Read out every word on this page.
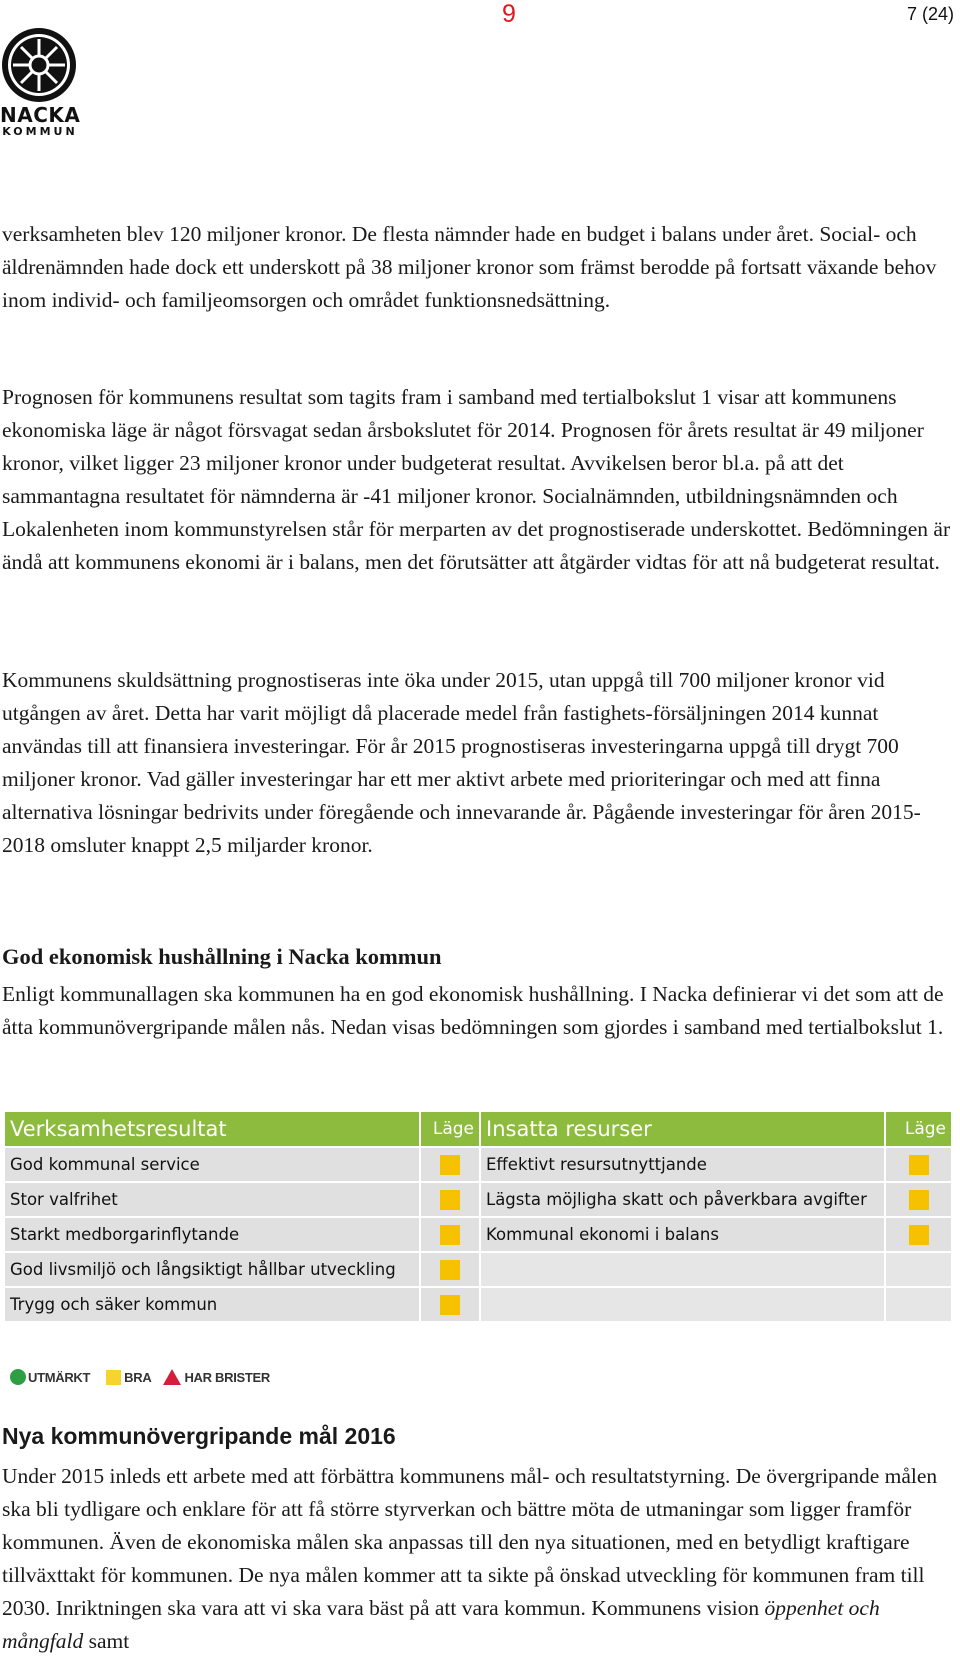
9	7 (24)
NACKA
KOMMUN

verksamheten blev 120 miljoner kronor. De flesta nämnder hade en budget i balans under året. Social- och äldrenämnden hade dock ett underskott på 38 miljoner kronor som främst berodde på fortsatt växande behov inom individ- och familjeomsorgen och området funktionsnedsättning.

Prognosen för kommunens resultat som tagits fram i samband med tertialbokslut 1 visar att kommunens ekonomiska läge är något försvagat sedan årsbokslutet för 2014. Prognosen för årets resultat är 49 miljoner kronor, vilket ligger 23 miljoner kronor under budgeterat resultat. Avvikelsen beror bl.a. på att det sammantagna resultatet för nämnderna är -41 miljoner kronor. Socialnämnden, utbildningsnämnden och Lokalenheten inom kommunstyrelsen står för merparten av det prognostiserade underskottet. Bedömningen är ändå att kommunens ekonomi är i balans, men det förutsätter att åtgärder vidtas för att nå budgeterat resultat.

Kommunens skuldsättning prognostiseras inte öka under 2015, utan uppgå till 700 miljoner kronor vid utgången av året. Detta har varit möjligt då placerade medel från fastighets-försäljningen 2014 kunnat användas till att finansiera investeringar. För år 2015 prognostiseras investeringarna uppgå till drygt 700 miljoner kronor. Vad gäller investeringar har ett mer aktivt arbete med prioriteringar och med att finna alternativa lösningar bedrivits under föregående och innevarande år. Pågående investeringar för åren 2015-2018 omsluter knappt 2,5 miljarder kronor.

God ekonomisk hushållning i Nacka kommun

Enligt kommunallagen ska kommunen ha en god ekonomisk hushållning. I Nacka definierar vi det som att de åtta kommunövergripande målen nås. Nedan visas bedömningen som gjordes i samband med tertialbokslut 1.

Verksamhetsresultat	Läge	Insatta resurser	Läge
God kommunal service		Effektivt resursutnyttjande	
Stor valfrihet		Lägsta möjligha skatt och påverkbara avgifter	
Starkt medborgarinflytande		Kommunal ekonomi i balans	
God livsmiljö och långsiktigt hållbar utveckling			
Trygg och säker kommun			
UTMÄRKT	BRA	HAR BRISTER
Nya kommunövergripande mål 2016

Under 2015 inleds ett arbete med att förbättra kommunens mål- och resultatstyrning. De övergripande målen ska bli tydligare och enklare för att få större styrverkan och bättre möta de utmaningar som ligger framför kommunen. Även de ekonomiska målen ska anpassas till den nya situationen, med en betydligt kraftigare tillväxttakt för kommunen. De nya målen kommer att ta sikte på önskad utveckling för kommunen fram till 2030. Inriktningen ska vara att vi ska vara bäst på att vara kommun. Kommunens vision öppenhet och mångfald samt
